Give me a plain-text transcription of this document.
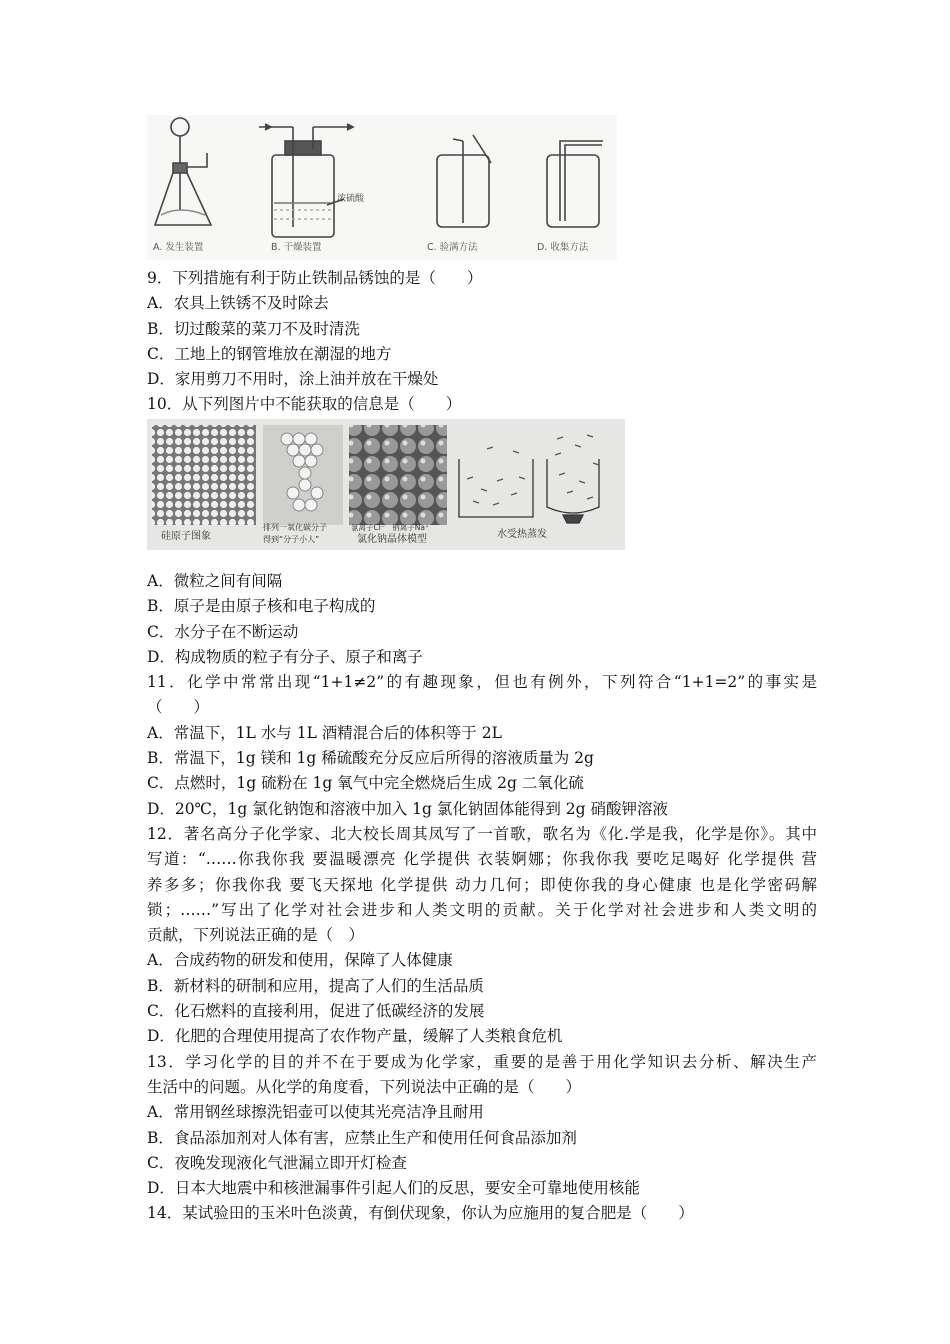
浓硫酸
A. 发生装置	B. 干燥装置	C. 验满方法	D. 收集方法
9．下列措施有利于防止铁制品锈蚀的是（　　）
A．农具上铁锈不及时除去
B．切过酸菜的菜刀不及时清洗
C．工地上的钢管堆放在潮湿的地方
D．家用剪刀不用时，涂上油并放在干燥处
10．从下列图片中不能获取的信息是（　　）
硅原子图象
排列一氧化碳分子
得到“分子小人”
氯离子Cl⁻　钠离子Na⁺
氯化钠晶体模型	水受热蒸发
A．微粒之间有间隔
B．原子是由原子核和电子构成的
C．水分子在不断运动
D．构成物质的粒子有分子、原子和离子
11．化学中常常出现“1+1≠2”的有趣现象，但也有例外，下列符合“1+1=2”的事实是
（　　）
A．常温下，1L 水与 1L 酒精混合后的体积等于 2L
B．常温下，1g 镁和 1g 稀硫酸充分反应后所得的溶液质量为 2g
C．点燃时，1g 硫粉在 1g 氧气中完全燃烧后生成 2g 二氧化硫
D．20℃，1g 氯化钠饱和溶液中加入 1g 氯化钠固体能得到 2g 硝酸钾溶液
12．著名高分子化学家、北大校长周其凤写了一首歌，歌名为《化.学是我，化学是你》。其中
写道：“……你我你我 要温暖漂亮 化学提供 衣装婀娜；你我你我 要吃足喝好 化学提供 营
养多多；你我你我 要飞天探地 化学提供 动力几何；即使你我的身心健康 也是化学密码解
锁；……”写出了化学对社会进步和人类文明的贡献。关于化学对社会进步和人类文明的
贡献，下列说法正确的是（　）
A．合成药物的研发和使用，保障了人体健康
B．新材料的研制和应用，提高了人们的生活品质
C．化石燃料的直接利用，促进了低碳经济的发展
D．化肥的合理使用提高了农作物产量，缓解了人类粮食危机
13．学习化学的目的并不在于要成为化学家，重要的是善于用化学知识去分析、解决生产
生活中的问题。从化学的角度看，下列说法中正确的是（　　）
A．常用钢丝球擦洗铝壶可以使其光亮洁净且耐用
B．食品添加剂对人体有害，应禁止生产和使用任何食品添加剂
C．夜晚发现液化气泄漏立即开灯检查
D．日本大地震中和核泄漏事件引起人们的反思，要安全可靠地使用核能
14．某试验田的玉米叶色淡黄，有倒伏现象，你认为应施用的复合肥是（　　）
